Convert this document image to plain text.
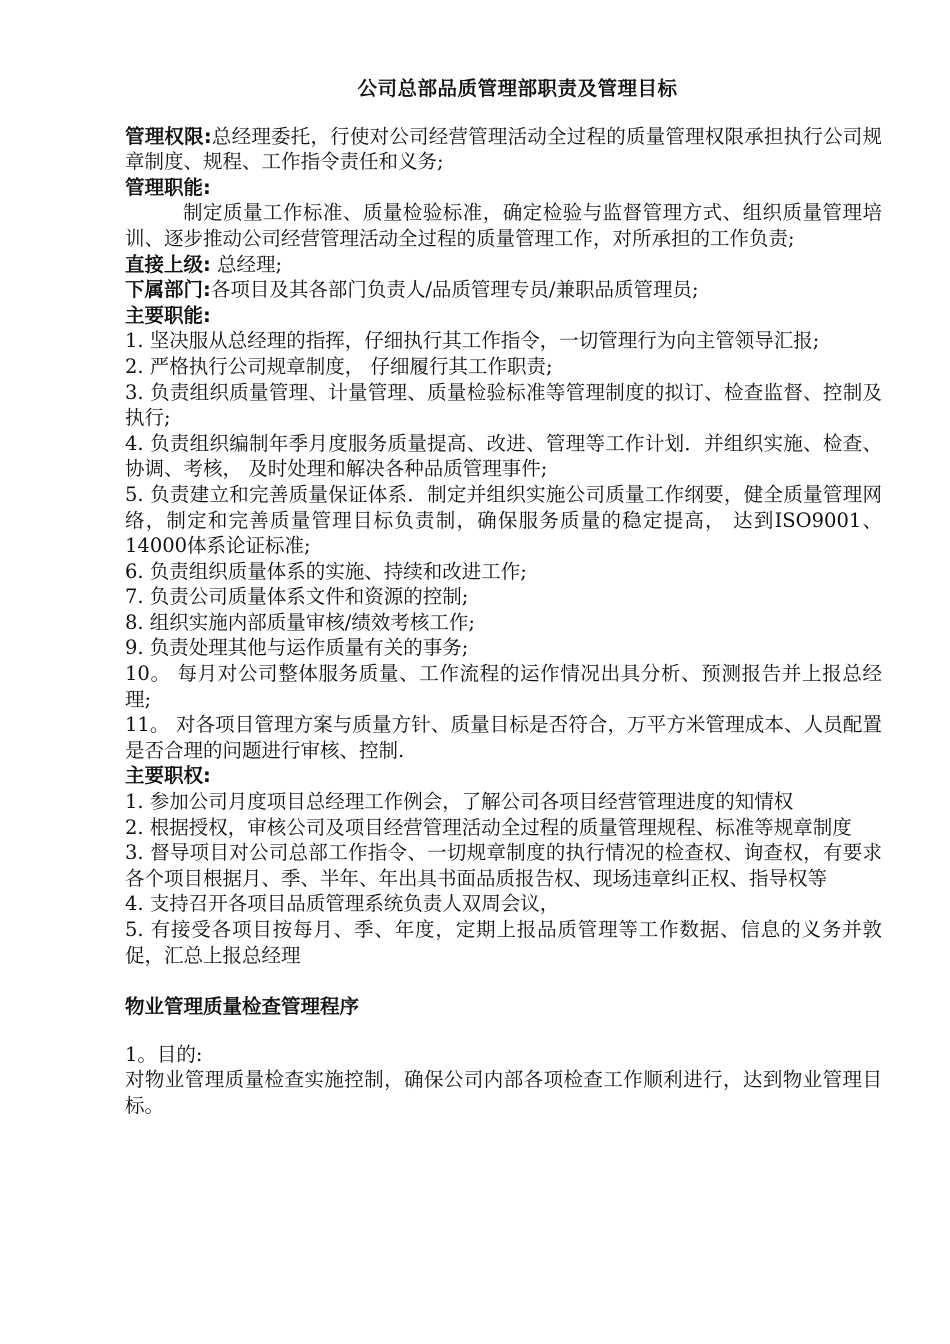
公司总部品质管理部职责及管理目标

管理权限:总经理委托，行使对公司经营管理活动全过程的质量管理权限承担执行公司规章制度、规程、工作指令责任和义务;

管理职能:

制定质量工作标准、质量检验标准，确定检验与监督管理方式、组织质量管理培训、逐步推动公司经营管理活动全过程的质量管理工作，对所承担的工作负责;

直接上级: 总经理;

下属部门:各项目及其各部门负责人/品质管理专员/兼职品质管理员;

主要职能:

1. 坚决服从总经理的指挥，仔细执行其工作指令，一切管理行为向主管领导汇报;

2. 严格执行公司规章制度， 仔细履行其工作职责;

3. 负责组织质量管理、计量管理、质量检验标准等管理制度的拟订、检查监督、控制及执行;

4. 负责组织编制年季月度服务质量提高、改进、管理等工作计划．并组织实施、检查、协调、考核， 及时处理和解决各种品质管理事件;

5. 负责建立和完善质量保证体系．制定并组织实施公司质量工作纲要，健全质量管理网络，制定和完善质量管理目标负责制，确保服务质量的稳定提高， 达到ISO9001、14000体系论证标准;

6. 负责组织质量体系的实施、持续和改进工作;

7. 负责公司质量体系文件和资源的控制;

8. 组织实施内部质量审核/绩效考核工作;

9. 负责处理其他与运作质量有关的事务;

10。 每月对公司整体服务质量、工作流程的运作情况出具分析、预测报告并上报总经理;

11。 对各项目管理方案与质量方针、质量目标是否符合，万平方米管理成本、人员配置是否合理的问题进行审核、控制.

主要职权:

1. 参加公司月度项目总经理工作例会，了解公司各项目经营管理进度的知情权

2. 根据授权，审核公司及项目经营管理活动全过程的质量管理规程、标准等规章制度

3. 督导项目对公司总部工作指令、一切规章制度的执行情况的检查权、询查权，有要求各个项目根据月、季、半年、年出具书面品质报告权、现场违章纠正权、指导权等

4. 支持召开各项目品质管理系统负责人双周会议，

5. 有接受各项目按每月、季、年度，定期上报品质管理等工作数据、信息的义务并敦促，汇总上报总经理

物业管理质量检查管理程序

1。目的:

对物业管理质量检查实施控制，确保公司内部各项检查工作顺利进行，达到物业管理目标。
